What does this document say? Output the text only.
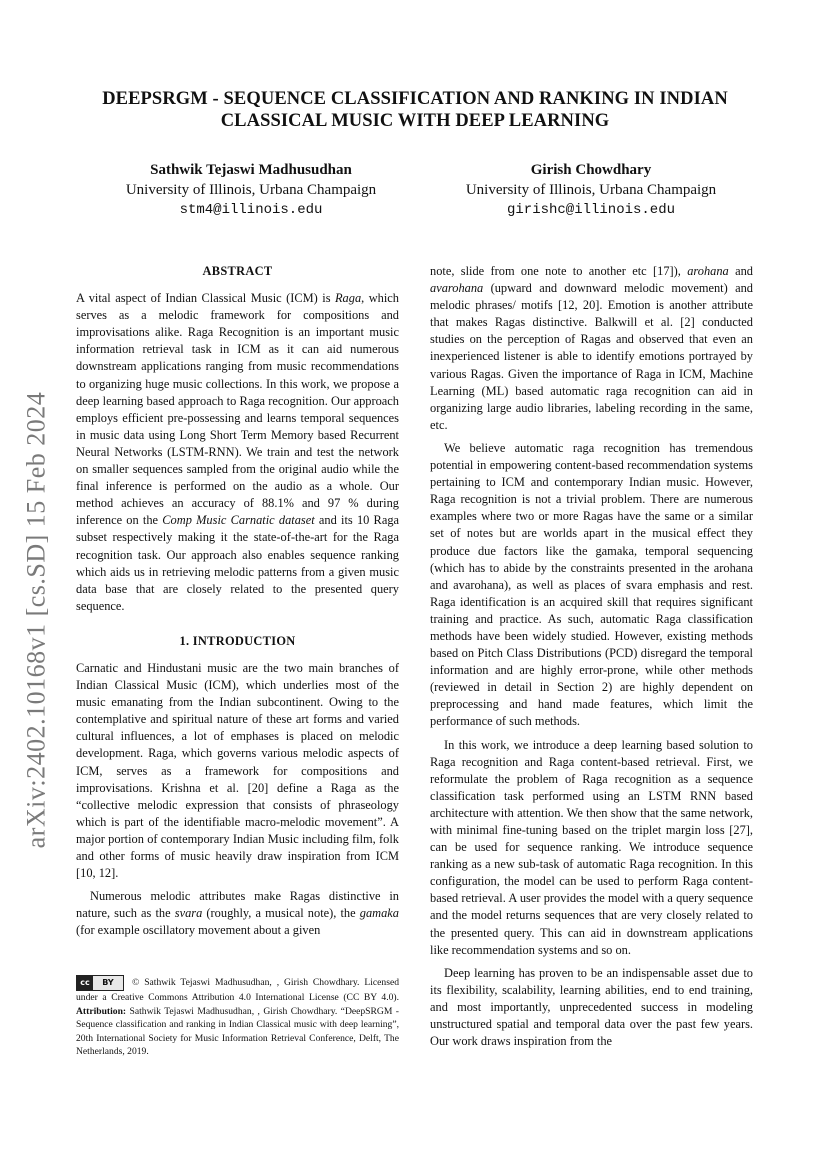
arXiv:2402.10168v1 [cs.SD] 15 Feb 2024
DEEPSRGM - SEQUENCE CLASSIFICATION AND RANKING IN INDIAN CLASSICAL MUSIC WITH DEEP LEARNING
Sathwik Tejaswi Madhusudhan
University of Illinois, Urbana Champaign
stm4@illinois.edu
Girish Chowdhary
University of Illinois, Urbana Champaign
girishc@illinois.edu
ABSTRACT

A vital aspect of Indian Classical Music (ICM) is Raga, which serves as a melodic framework for compositions and improvisations alike. Raga Recognition is an important music information retrieval task in ICM as it can aid numerous downstream applications ranging from music recommendations to organizing huge music collections. In this work, we propose a deep learning based approach to Raga recognition. Our approach employs efficient pre-possessing and learns temporal sequences in music data using Long Short Term Memory based Recurrent Neural Networks (LSTM-RNN). We train and test the network on smaller sequences sampled from the original audio while the final inference is performed on the audio as a whole. Our method achieves an accuracy of 88.1% and 97 % during inference on the Comp Music Carnatic dataset and its 10 Raga subset respectively making it the state-of-the-art for the Raga recognition task. Our approach also enables sequence ranking which aids us in retrieving melodic patterns from a given music data base that are closely related to the presented query sequence.

1. INTRODUCTION

Carnatic and Hindustani music are the two main branches of Indian Classical Music (ICM), which underlies most of the music emanating from the Indian subcontinent. Owing to the contemplative and spiritual nature of these art forms and varied cultural influences, a lot of emphases is placed on melodic development. Raga, which governs various melodic aspects of ICM, serves as a framework for compositions and improvisations. Krishna et al. [20] define a Raga as the “collective melodic expression that consists of phraseology which is part of the identifiable macro-melodic movement”. A major portion of contemporary Indian Music including film, folk and other forms of music heavily draw inspiration from ICM [10, 12].

Numerous melodic attributes make Ragas distinctive in nature, such as the svara (roughly, a musical note), the gamaka (for example oscillatory movement about a given

cc	BY	© Sathwik Tejaswi Madhusudhan, , Girish Chowdhary. Licensed under a Creative Commons Attribution 4.0 International License (CC BY 4.0). Attribution: Sathwik Tejaswi Madhusudhan, , Girish Chowdhary. “DeepSRGM - Sequence classification and ranking in Indian Classical music with deep learning”, 20th International Society for Music Information Retrieval Conference, Delft, The Netherlands, 2019.

note, slide from one note to another etc [17]), arohana and avarohana (upward and downward melodic movement) and melodic phrases/ motifs [12, 20]. Emotion is another attribute that makes Ragas distinctive. Balkwill et al. [2] conducted studies on the perception of Ragas and observed that even an inexperienced listener is able to identify emotions portrayed by various Ragas. Given the importance of Raga in ICM, Machine Learning (ML) based automatic raga recognition can aid in organizing large audio libraries, labeling recording in the same, etc.

We believe automatic raga recognition has tremendous potential in empowering content-based recommendation systems pertaining to ICM and contemporary Indian music. However, Raga recognition is not a trivial problem. There are numerous examples where two or more Ragas have the same or a similar set of notes but are worlds apart in the musical effect they produce due factors like the gamaka, temporal sequencing (which has to abide by the constraints presented in the arohana and avarohana), as well as places of svara emphasis and rest. Raga identification is an acquired skill that requires significant training and practice. As such, automatic Raga classification methods have been widely studied. However, existing methods based on Pitch Class Distributions (PCD) disregard the temporal information and are highly error-prone, while other methods (reviewed in detail in Section 2) are highly dependent on preprocessing and hand made features, which limit the performance of such methods.

In this work, we introduce a deep learning based solution to Raga recognition and Raga content-based retrieval. First, we reformulate the problem of Raga recognition as a sequence classification task performed using an LSTM RNN based architecture with attention. We then show that the same network, with minimal fine-tuning based on the triplet margin loss [27], can be used for sequence ranking. We introduce sequence ranking as a new sub-task of automatic Raga recognition. In this configuration, the model can be used to perform Raga content-based retrieval. A user provides the model with a query sequence and the model returns sequences that are very closely related to the presented query. This can aid in downstream applications like recommendation systems and so on.

Deep learning has proven to be an indispensable asset due to its flexibility, scalability, learning abilities, end to end training, and most importantly, unprecedented success in modeling unstructured spatial and temporal data over the past few years. Our work draws inspiration from the
